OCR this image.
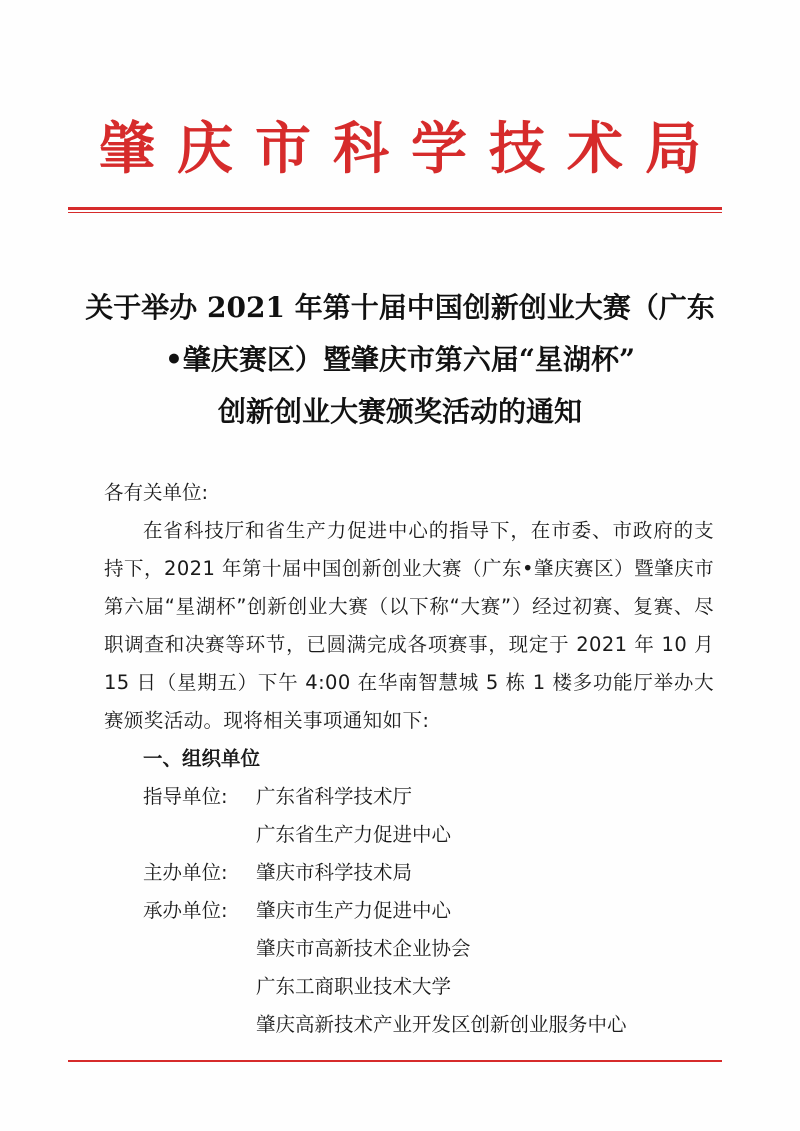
肇庆市科学技术局
关于举办 2021 年第十届中国创新创业大赛（广东
•肇庆赛区）暨肇庆市第六届“星湖杯”
创新创业大赛颁奖活动的通知
各有关单位:
在省科技厅和省生产力促进中心的指导下，在市委、市政府的支持下，2021 年第十届中国创新创业大赛（广东•肇庆赛区）暨肇庆市第六届“星湖杯”创新创业大赛（以下称“大赛”）经过初赛、复赛、尽职调查和决赛等环节，已圆满完成各项赛事，现定于 2021 年 10 月 15 日（星期五）下午 4:00 在华南智慧城 5 栋 1 楼多功能厅举办大赛颁奖活动。现将相关事项通知如下:
一、组织单位
指导单位:	广东省科学技术厅
广东省生产力促进中心
主办单位:	肇庆市科学技术局
承办单位:	肇庆市生产力促进中心
肇庆市高新技术企业协会
广东工商职业技术大学
肇庆高新技术产业开发区创新创业服务中心
